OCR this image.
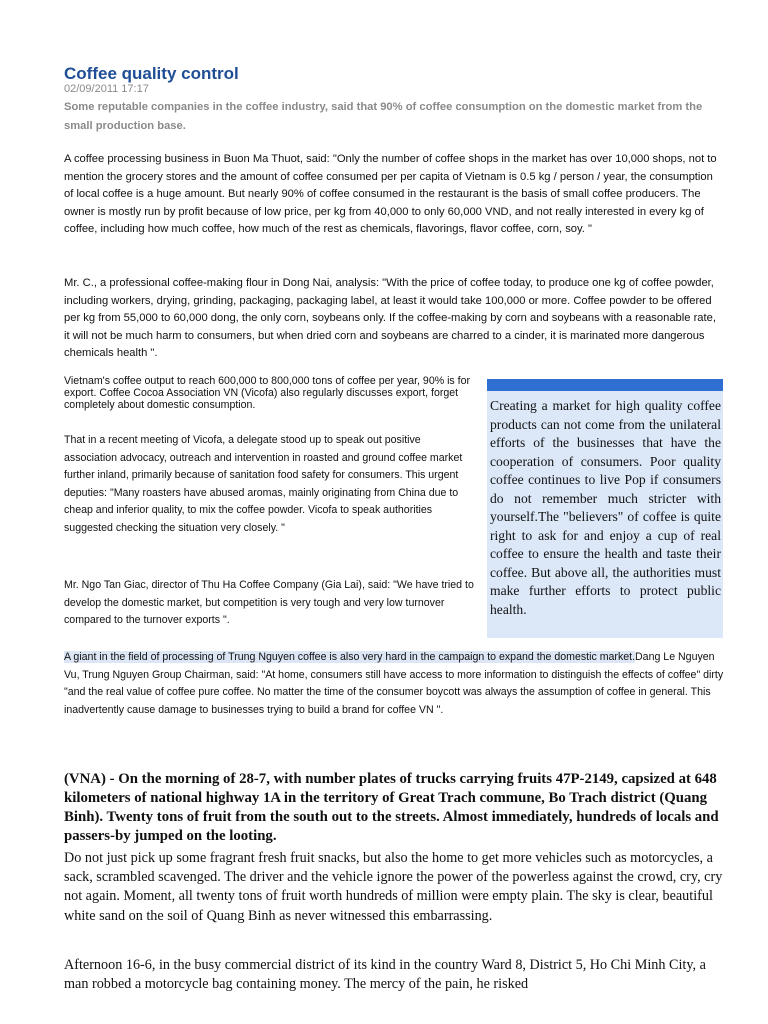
Coffee quality control
02/09/2011 17:17
Some reputable companies in the coffee industry, said that 90% of coffee consumption on the domestic market from the small production base.
A coffee processing business in Buon Ma Thuot, said: "Only the number of coffee shops in the market has over 10,000 shops, not to mention the grocery stores and the amount of coffee consumed per per capita of Vietnam is 0.5 kg / person / year, the consumption of local coffee is a huge amount. But nearly 90% of coffee consumed in the restaurant is the basis of small coffee producers. The owner is mostly run by profit because of low price, per kg from 40,000 to only 60,000 VND, and not really interested in every kg of coffee, including how much coffee, how much of the rest as chemicals, flavorings, flavor coffee, corn, soy. "
Mr. C., a professional coffee-making flour in Dong Nai, analysis: "With the price of coffee today, to produce one kg of coffee powder, including workers, drying, grinding, packaging, packaging label, at least it would take 100,000 or more. Coffee powder to be offered per kg from 55,000 to 60,000 dong, the only corn, soybeans only. If the coffee-making by corn and soybeans with a reasonable rate, it will not be much harm to consumers, but when dried corn and soybeans are charred to a cinder, it is marinated more dangerous chemicals health ".
Vietnam's coffee output to reach 600,000 to 800,000 tons of coffee per year, 90% is for export. Coffee Cocoa Association VN (Vicofa) also regularly discusses export, forget completely about domestic consumption.
That in a recent meeting of Vicofa, a delegate stood up to speak out positive association advocacy, outreach and intervention in roasted and ground coffee market further inland, primarily because of sanitation food safety for consumers. This urgent deputies: "Many roasters have abused aromas, mainly originating from China due to cheap and inferior quality, to mix the coffee powder. Vicofa to speak authorities suggested checking the situation very closely. "
Mr. Ngo Tan Giac, director of Thu Ha Coffee Company (Gia Lai), said: "We have tried to develop the domestic market, but competition is very tough and very low turnover compared to the turnover exports ".
Creating a market for high quality coffee products can not come from the unilateral efforts of the businesses that have the cooperation of consumers. Poor quality coffee continues to live Pop if consumers do not remember much stricter with yourself.The "believers" of coffee is quite right to ask for and enjoy a cup of real coffee to ensure the health and taste their coffee. But above all, the authorities must make further efforts to protect public health.
A giant in the field of processing of Trung Nguyen coffee is also very hard in the campaign to expand the domestic market.Dang Le Nguyen Vu, Trung Nguyen Group Chairman, said: "At home, consumers still have access to more information to distinguish the effects of coffee" dirty "and the real value of coffee pure coffee. No matter the time of the consumer boycott was always the assumption of coffee in general. This inadvertently cause damage to businesses trying to build a brand for coffee VN ".
(VNA) - On the morning of 28-7, with number plates of trucks carrying fruits 47P-2149, capsized at 648 kilometers of national highway 1A in the territory of Great Trach commune, Bo Trach district (Quang Binh). Twenty tons of fruit from the south out to the streets. Almost immediately, hundreds of locals and passers-by jumped on the looting.
Do not just pick up some fragrant fresh fruit snacks, but also the home to get more vehicles such as motorcycles, a sack, scrambled scavenged. The driver and the vehicle ignore the power of the powerless against the crowd, cry, cry not again. Moment, all twenty tons of fruit worth hundreds of million were empty plain. The sky is clear, beautiful white sand on the soil of Quang Binh as never witnessed this embarrassing.
Afternoon 16-6, in the busy commercial district of its kind in the country Ward 8, District 5, Ho Chi Minh City, a man robbed a motorcycle bag containing money. The mercy of the pain, he risked
